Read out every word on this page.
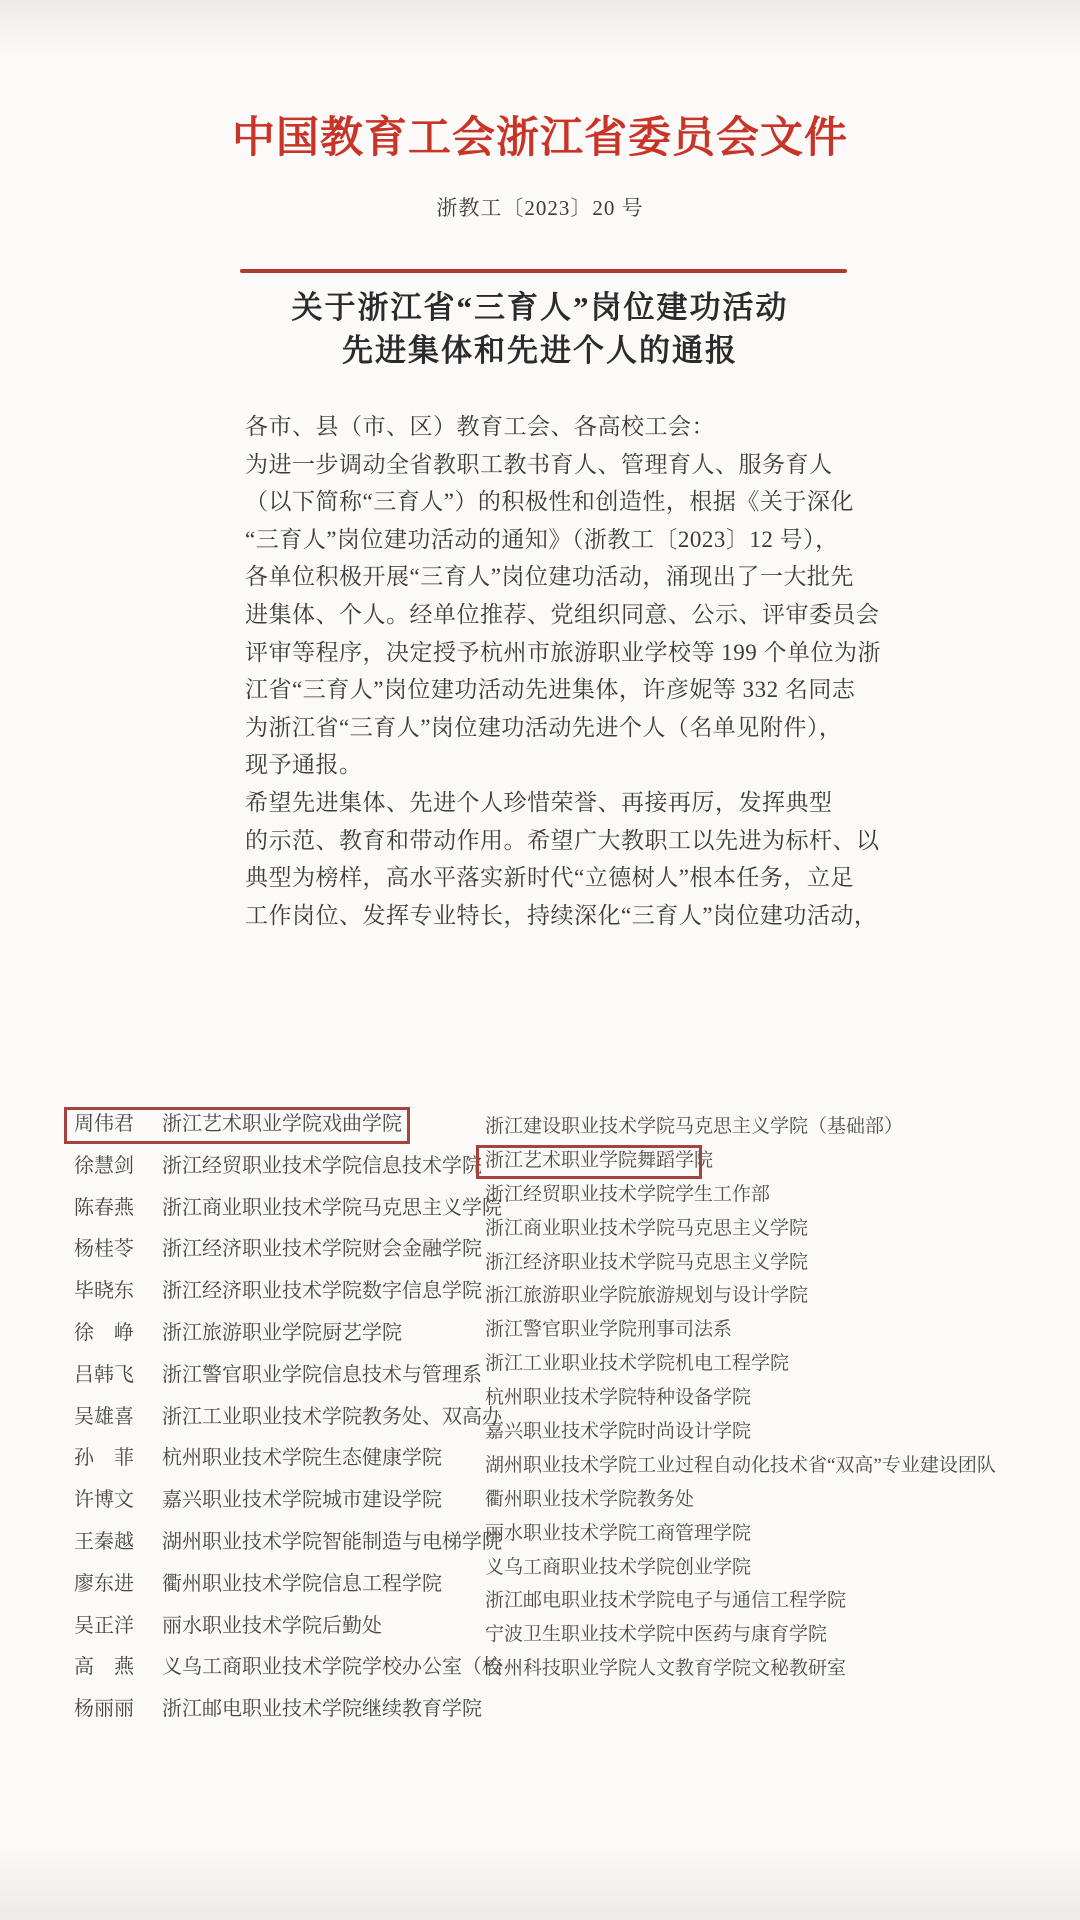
中国教育工会浙江省委员会文件
浙教工〔2023〕20 号
关于浙江省“三育人”岗位建功活动
先进集体和先进个人的通报
各市、县（市、区）教育工会、各高校工会：
为进一步调动全省教职工教书育人、管理育人、服务育人
（以下简称“三育人”）的积极性和创造性，根据《关于深化
“三育人”岗位建功活动的通知》（浙教工〔2023〕12 号），
各单位积极开展“三育人”岗位建功活动，涌现出了一大批先
进集体、个人。经单位推荐、党组织同意、公示、评审委员会
评审等程序，决定授予杭州市旅游职业学校等 199 个单位为浙
江省“三育人”岗位建功活动先进集体，许彦妮等 332 名同志
为浙江省“三育人”岗位建功活动先进个人（名单见附件），
现予通报。
希望先进集体、先进个人珍惜荣誉、再接再厉，发挥典型
的示范、教育和带动作用。希望广大教职工以先进为标杆、以
典型为榜样，高水平落实新时代“立德树人”根本任务，立足
工作岗位、发挥专业特长，持续深化“三育人”岗位建功活动，
周伟君	浙江艺术职业学院戏曲学院
徐慧剑	浙江经贸职业技术学院信息技术学院
陈春燕	浙江商业职业技术学院马克思主义学院
杨桂苓	浙江经济职业技术学院财会金融学院
毕晓东	浙江经济职业技术学院数字信息学院
徐　峥	浙江旅游职业学院厨艺学院
吕韩飞	浙江警官职业学院信息技术与管理系
吴雄喜	浙江工业职业技术学院教务处、双高办
孙　菲	杭州职业技术学院生态健康学院
许博文	嘉兴职业技术学院城市建设学院
王秦越	湖州职业技术学院智能制造与电梯学院
廖东进	衢州职业技术学院信息工程学院
吴正洋	丽水职业技术学院后勤处
高　燕	义乌工商职业技术学院学校办公室（校
杨丽丽	浙江邮电职业技术学院继续教育学院
浙江建设职业技术学院马克思主义学院（基础部）
浙江艺术职业学院舞蹈学院
浙江经贸职业技术学院学生工作部
浙江商业职业技术学院马克思主义学院
浙江经济职业技术学院马克思主义学院
浙江旅游职业学院旅游规划与设计学院
浙江警官职业学院刑事司法系
浙江工业职业技术学院机电工程学院
杭州职业技术学院特种设备学院
嘉兴职业技术学院时尚设计学院
湖州职业技术学院工业过程自动化技术省“双高”专业建设团队
衢州职业技术学院教务处
丽水职业技术学院工商管理学院
义乌工商职业技术学院创业学院
浙江邮电职业技术学院电子与通信工程学院
宁波卫生职业技术学院中医药与康育学院
台州科技职业学院人文教育学院文秘教研室
